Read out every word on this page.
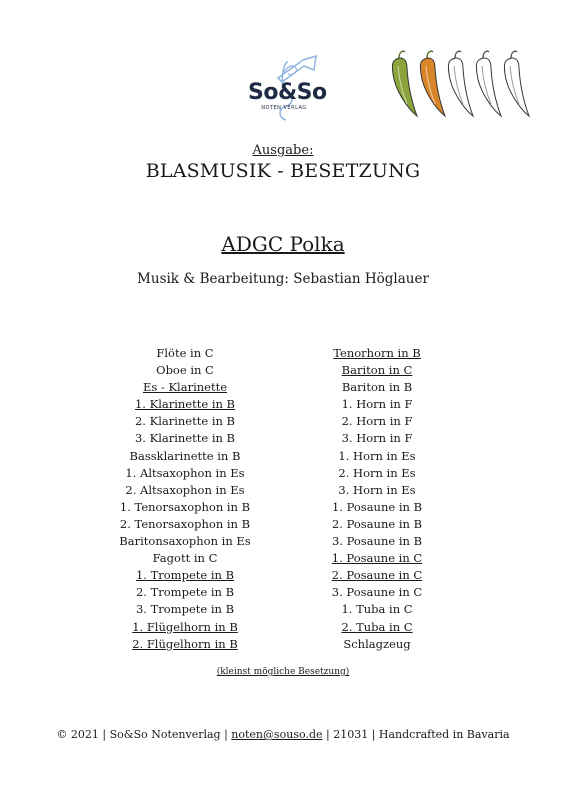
So&So
NOTEN VERLAG
Ausgabe:
BLASMUSIK - BESETZUNG
ADGC Polka
Musik & Bearbeitung: Sebastian Höglauer
Flöte in C
Oboe in C
Es - Klarinette
1. Klarinette in B
2. Klarinette in B
3. Klarinette in B
Bassklarinette in B
1. Altsaxophon in Es
2. Altsaxophon in Es
1. Tenorsaxophon in B
2. Tenorsaxophon in B
Baritonsaxophon in Es
Fagott in C
1. Trompete in B
2. Trompete in B
3. Trompete in B
1. Flügelhorn in B
2. Flügelhorn in B
Tenorhorn in B
Bariton in C
Bariton in B
1. Horn in F
2. Horn in F
3. Horn in F
1. Horn in Es
2. Horn in Es
3. Horn in Es
1. Posaune in B
2. Posaune in B
3. Posaune in B
1. Posaune in C
2. Posaune in C
3. Posaune in C
1. Tuba in C
2. Tuba in C
Schlagzeug
(kleinst mögliche Besetzung)
© 2021 | So&So Notenverlag | noten@souso.de | 21031 | Handcrafted in Bavaria
